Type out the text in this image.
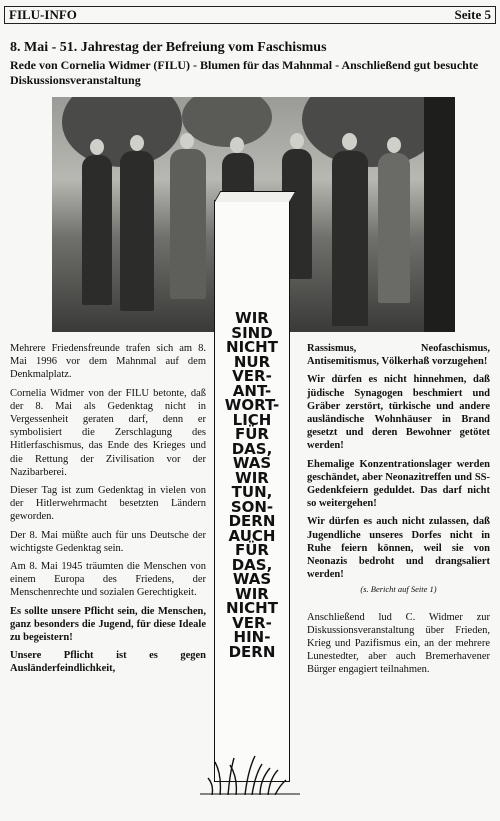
FILU-INFO	Seite 5
8. Mai - 51. Jahrestag der Befreiung vom Faschismus
Rede von Cornelia Widmer (FILU) - Blumen für das Mahnmal - Anschließend gut besuchte Diskussionsveranstaltung
WIR SIND NICHT NUR VER- ANT- WORT- LICH FÜR DAS, WAS WIR TUN, SON- DERN AUCH FÜR DAS, WAS WIR NICHT VER- HIN- DERN

Mehrere Friedensfreunde trafen sich am 8. Mai 1996 vor dem Mahnmal auf dem Denkmalplatz.

Cornelia Widmer von der FILU betonte, daß der 8. Mai als Gedenktag nicht in Vergessenheit geraten darf, denn er symbolisiert die Zerschlagung des Hitlerfaschismus, das Ende des Krieges und die Rettung der Zivilisation vor der Nazibarberei.

Dieser Tag ist zum Gedenktag in vielen von der Hitlerwehrmacht besetzten Ländern geworden.

Der 8. Mai müßte auch für uns Deutsche der wichtigste Gedenktag sein.

Am 8. Mai 1945 träumten die Menschen von einem Europa des Friedens, der Menschenrechte und sozialen Gerechtigkeit.

Es sollte unsere Pflicht sein, die Menschen, ganz besonders die Jugend, für diese Ideale zu begeistern!

Unsere Pflicht ist es gegen Ausländerfeindlichkeit,

Rassismus, Neofaschismus, Antisemitismus, Völkerhaß vorzugehen!

Wir dürfen es nicht hinnehmen, daß jüdische Synagogen beschmiert und Gräber zerstört, türkische und andere ausländische Wohnhäuser in Brand gesetzt und deren Bewohner getötet werden!

Ehemalige Konzentrationslager werden geschändet, aber Neonazitreffen und SS-Gedenkfeiern geduldet. Das darf nicht so weitergehen!

Wir dürfen es auch nicht zulassen, daß Jugendliche unseres Dorfes nicht in Ruhe feiern können, weil sie von Neonazis bedroht und drangsaliert werden!

(s. Bericht auf Seite 1)

Anschließend lud C. Widmer zur Diskussionsveranstaltung über Frieden, Krieg und Pazifismus ein, an der mehrere Lunestedter, aber auch Bremerhavener Bürger engagiert teilnahmen.
